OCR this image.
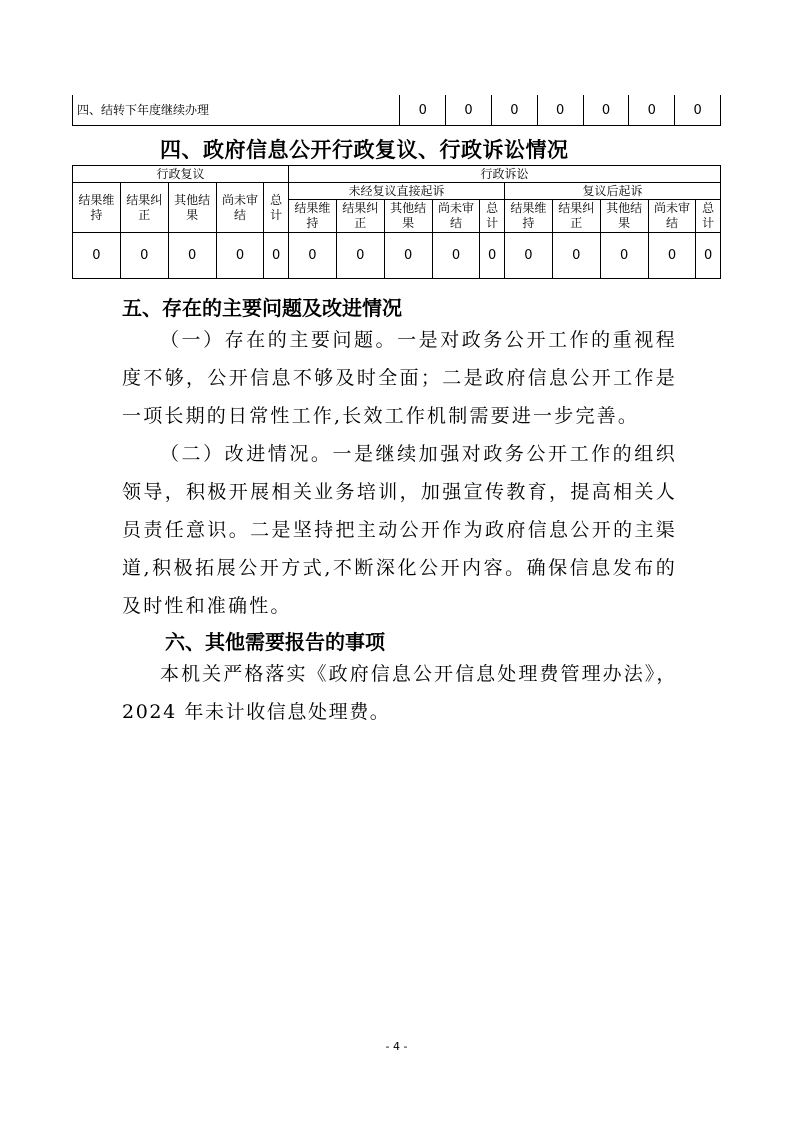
四、结转下年度继续办理	0	0	0	0	0	0	0
四、政府信息公开行政复议、行政诉讼情况
行政复议					行政诉讼									
结果维持	结果纠正	其他结果	尚未审结	总计	未经复议直接起诉					复议后起诉				
					结果维持	结果纠正	其他结果	尚未审结	总计	结果维持	结果纠正	其他结果	尚未审结	总计
0	0	0	0	0	0	0	0	0	0	0	0	0	0	0
五、存在的主要问题及改进情况

（一）存在的主要问题。一是对政务公开工作的重视程度不够，公开信息不够及时全面；二是政府信息公开工作是一项长期的日常性工作,长效工作机制需要进一步完善。

（二）改进情况。一是继续加强对政务公开工作的组织领导，积极开展相关业务培训，加强宣传教育，提高相关人员责任意识。二是坚持把主动公开作为政府信息公开的主渠道,积极拓展公开方式,不断深化公开内容。确保信息发布的及时性和准确性。

六、其他需要报告的事项

本机关严格落实《政府信息公开信息处理费管理办法》，2024 年未计收信息处理费。

- 4 -
